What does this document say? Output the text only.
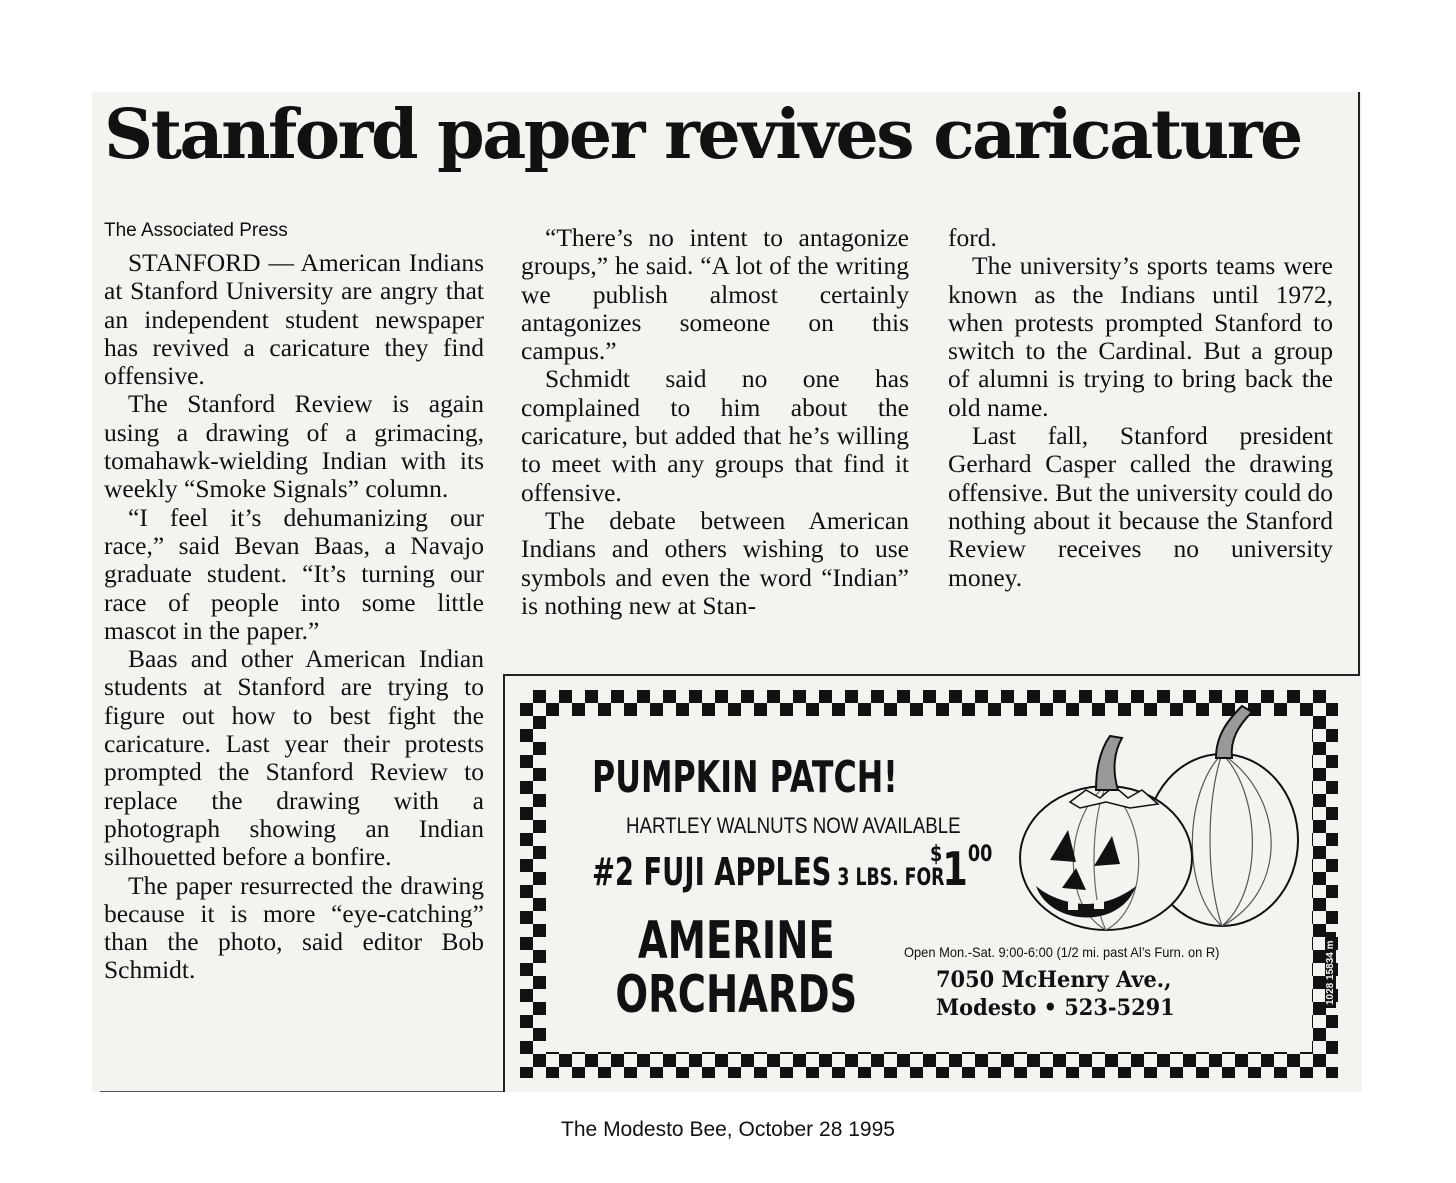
Stanford paper revives caricature
The Associated Press

STANFORD — American Indians at Stanford University are angry that an independent student newspaper has revived a caricature they find offensive.

The Stanford Review is again using a drawing of a grimacing, tomahawk-wielding Indian with its weekly “Smoke Signals” column.

“I feel it’s dehumanizing our race,” said Bevan Baas, a Navajo graduate student. “It’s turning our race of people into some little mascot in the paper.”

Baas and other American Indian students at Stanford are trying to figure out how to best fight the caricature. Last year their protests prompted the Stanford Review to replace the drawing with a photograph showing an Indian silhouetted before a bonfire.

The paper resurrected the drawing because it is more “eye-catching” than the photo, said editor Bob Schmidt.

“There’s no intent to antagonize groups,” he said. “A lot of the writing we publish almost certainly antagonizes someone on this campus.”

Schmidt said no one has complained to him about the caricature, but added that he’s willing to meet with any groups that find it offensive.

The debate between American Indians and others wishing to use symbols and even the word “Indian” is nothing new at Stan-

ford.

The university’s sports teams were known as the Indians until 1972, when protests prompted Stanford to switch to the Cardinal. But a group of alumni is trying to bring back the old name.

Last fall, Stanford president Gerhard Casper called the drawing offensive. But the university could do nothing about it because the Stanford Review receives no university money.

PUMPKIN PATCH!
HARTLEY WALNUTS NOW AVAILABLE
#2 FUJI APPLES 3 LBS. FOR
$100
AMERINE
ORCHARDS
Open Mon.-Sat. 9:00-6:00 (1/2 mi. past Al’s Furn. on R)
7050 McHenry Ave.,
Modesto • 523-5291
1028 15834 m
The Modesto Bee, October 28 1995
